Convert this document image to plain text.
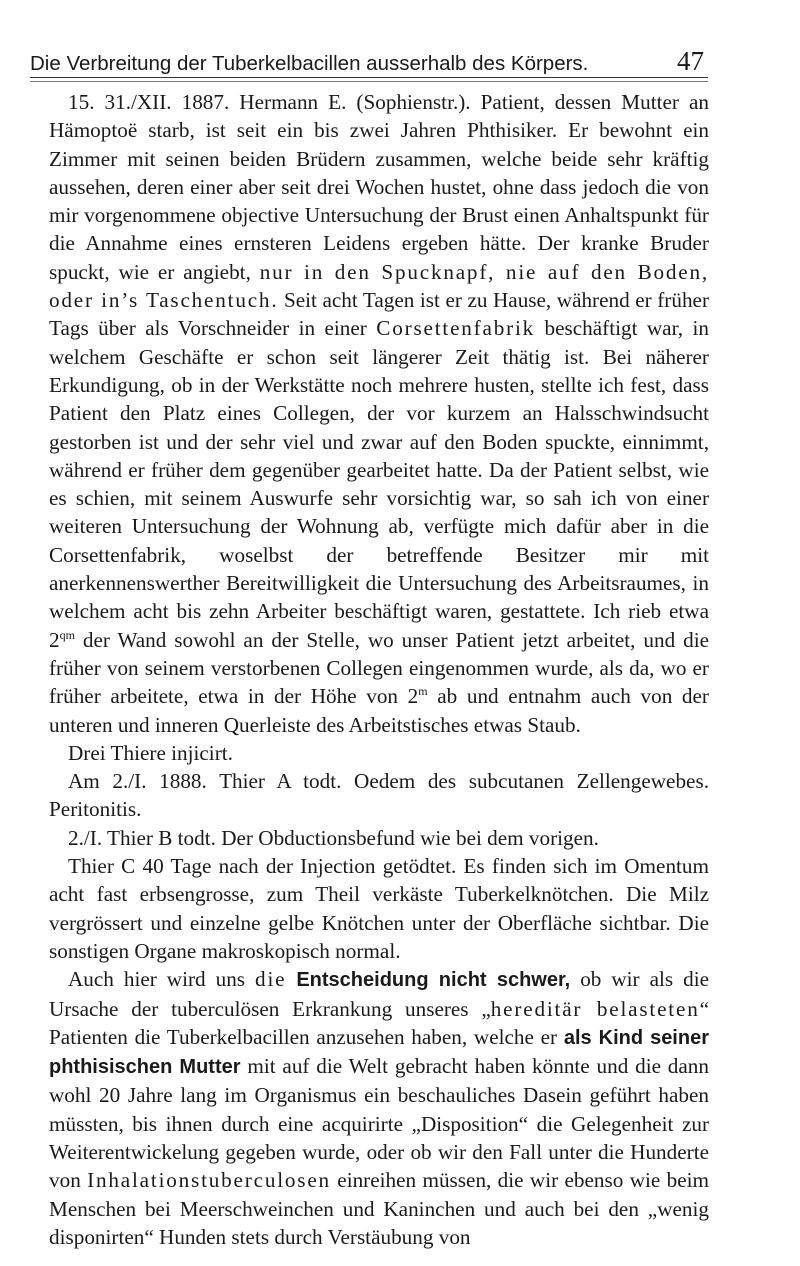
Die Verbreitung der Tuberkelbacillen ausserhalb des Körpers.	47

15. 31./XII. 1887. Hermann E. (Sophienstr.). Patient, dessen Mutter an Hämoptoë starb, ist seit ein bis zwei Jahren Phthisiker. Er bewohnt ein Zimmer mit seinen beiden Brüdern zusammen, welche beide sehr kräftig aussehen, deren einer aber seit drei Wochen hustet, ohne dass jedoch die von mir vorgenommene objective Untersuchung der Brust einen Anhaltspunkt für die Annahme eines ernsteren Leidens ergeben hätte. Der kranke Bruder spuckt, wie er angiebt, nur in den Spucknapf, nie auf den Boden, oder in’s Taschentuch. Seit acht Tagen ist er zu Hause, während er früher Tags über als Vorschneider in einer Corsettenfabrik beschäftigt war, in welchem Geschäfte er schon seit längerer Zeit thätig ist. Bei näherer Erkundigung, ob in der Werkstätte noch mehrere husten, stellte ich fest, dass Patient den Platz eines Collegen, der vor kurzem an Halsschwindsucht gestorben ist und der sehr viel und zwar auf den Boden spuckte, einnimmt, während er früher dem gegenüber gearbeitet hatte. Da der Patient selbst, wie es schien, mit seinem Auswurfe sehr vorsichtig war, so sah ich von einer weiteren Untersuchung der Wohnung ab, verfügte mich dafür aber in die Corsettenfabrik, woselbst der betreffende Besitzer mir mit anerkennenswerther Bereitwilligkeit die Untersuchung des Arbeitsraumes, in welchem acht bis zehn Arbeiter beschäftigt waren, gestattete. Ich rieb etwa $2^{qm}$ der Wand sowohl an der Stelle, wo unser Patient jetzt arbeitet, und die früher von seinem verstorbenen Collegen eingenommen wurde, als da, wo er früher arbeitete, etwa in der Höhe von 2$^m$ ab und entnahm auch von der unteren und inneren Querleiste des Arbeitstisches etwas Staub.

Drei Thiere injicirt.

Am 2./I. 1888. Thier A todt. Oedem des subcutanen Zellengewebes. Peritonitis.

2./I. Thier B todt. Der Obductionsbefund wie bei dem vorigen.

Thier C 40 Tage nach der Injection getödtet. Es finden sich im Omentum acht fast erbsengrosse, zum Theil verkäste Tuberkelknötchen. Die Milz vergrössert und einzelne gelbe Knötchen unter der Oberfläche sichtbar. Die sonstigen Organe makroskopisch normal.

Auch hier wird uns die Entscheidung nicht schwer, ob wir als die Ursache der tuberculösen Erkrankung unseres „hereditär belasteten“ Patienten die Tuberkelbacillen anzusehen haben, welche er als Kind seiner phthisischen Mutter mit auf die Welt gebracht haben könnte und die dann wohl 20 Jahre lang im Organismus ein beschauliches Dasein geführt haben müssten, bis ihnen durch eine acquirirte „Disposition“ die Gelegenheit zur Weiterentwickelung gegeben wurde, oder ob wir den Fall unter die Hunderte von Inhalationstuberculosen einreihen müssen, die wir ebenso wie beim Menschen bei Meerschweinchen und Kaninchen und auch bei den „wenig disponirten“ Hunden stets durch Verstäubung von
